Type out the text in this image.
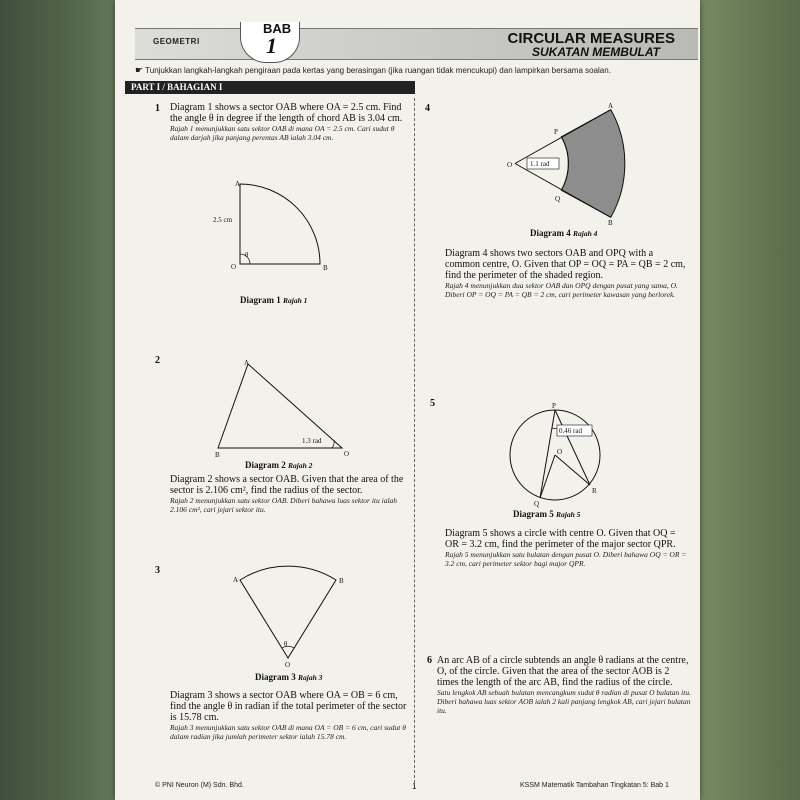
GEOMETRI
BAB
1	CIRCULAR MEASURES
SUKATAN MEMBULAT
☛ Tunjukkan langkah-langkah pengiraan pada kertas yang berasingan (jika ruangan tidak mencukupi) dan lampirkan bersama soalan.
PART I / BAHAGIAN I
1 Diagram 1 shows a sector OAB where OA = 2.5 cm. Find the angle θ in degree if the length of chord AB is 3.04 cm.
Rajah 1 menunjukkan satu sektor OAB di mana OA = 2.5 cm. Cari sudut θ dalam darjah jika panjang perentas AB ialah 3.04 cm.
A
O	B
2.5 cm
θ
Diagram 1 Rajah 1
2	A
B	O
1.3 rad
Diagram 2 Rajah 2
Diagram 2 shows a sector OAB. Given that the area of the sector is 2.106 cm², find the radius of the sector.
Rajah 2 menunjukkan satu sektor OAB. Diberi bahawa luas sektor itu ialah 2.106 cm², cari jejari sektor itu.
3
A	B
O
θ
Diagram 3 Rajah 3
Diagram 3 shows a sector OAB where OA = OB = 6 cm, find the angle θ in radian if the total perimeter of the sector is 15.78 cm.
Rajah 3 menunjukkan satu sektor OAB di mana OA = OB = 6 cm, cari sudut θ dalam radian jika jumlah perimeter sektor ialah 15.78 cm.
4
1.1 rad
O
P
Q
A
B
Diagram 4 Rajah 4
Diagram 4 shows two sectors OAB and OPQ with a common centre, O. Given that OP = OQ = PA = QB = 2 cm, find the perimeter of the shaded region.
Rajah 4 menunjukkan dua sektor OAB dan OPQ dengan pusat yang sama, O. Diberi OP = OQ = PA = QB = 2 cm, cari perimeter kawasan yang berlorek.
5
0.46 rad
P
O
Q
R
Diagram 5 Rajah 5
Diagram 5 shows a circle with centre O. Given that OQ = OR = 3.2 cm, find the perimeter of the major sector QPR.
Rajah 5 menunjukkan satu bulatan dengan pusat O. Diberi bahawa OQ = OR = 3.2 cm, cari perimeter sektor bagi major QPR.
6 An arc AB of a circle subtends an angle θ radians at the centre, O, of the circle. Given that the area of the sector AOB is 2 times the length of the arc AB, find the radius of the circle.
Satu lengkok AB sebuah bulatan mencangkum sudut θ radian di pusat O bulatan itu. Diberi bahawa luas sektor AOB ialah 2 kali panjang lengkok AB, cari jejari bulatan itu.
© PNI Neuron (M) Sdn. Bhd.	1	KSSM Matematik Tambahan Tingkatan 5: Bab 1
